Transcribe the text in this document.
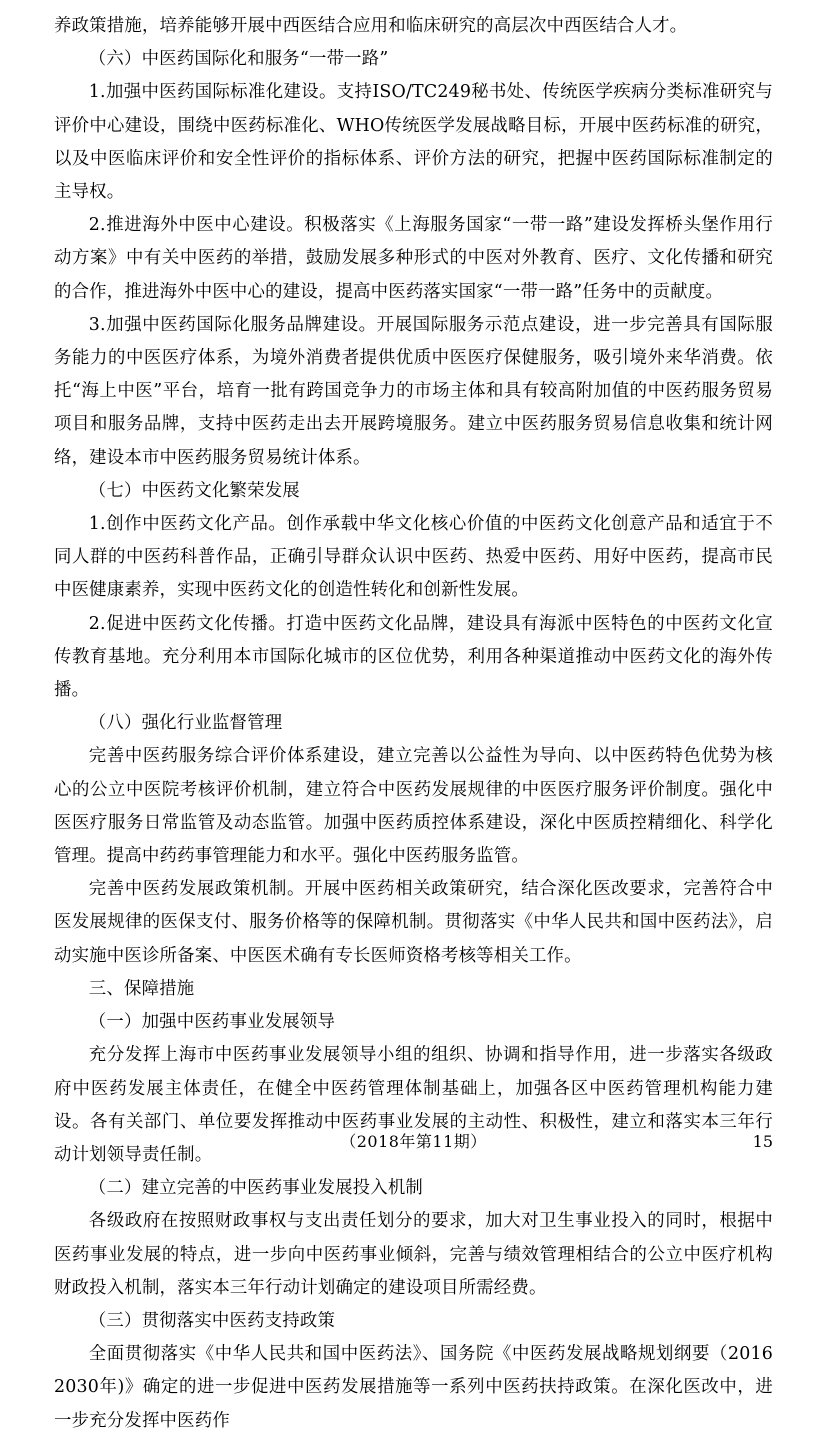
养政策措施，培养能够开展中西医结合应用和临床研究的高层次中西医结合人才。

（六）中医药国际化和服务“一带一路”

1.加强中医药国际标准化建设。支持ISO/TC249秘书处、传统医学疾病分类标准研究与评价中心建设，围绕中医药标准化、WHO传统医学发展战略目标，开展中医药标准的研究，以及中医临床评价和安全性评价的指标体系、评价方法的研究，把握中医药国际标准制定的主导权。

2.推进海外中医中心建设。积极落实《上海服务国家“一带一路”建设发挥桥头堡作用行动方案》中有关中医药的举措，鼓励发展多种形式的中医对外教育、医疗、文化传播和研究的合作，推进海外中医中心的建设，提高中医药落实国家“一带一路”任务中的贡献度。

3.加强中医药国际化服务品牌建设。开展国际服务示范点建设，进一步完善具有国际服务能力的中医医疗体系，为境外消费者提供优质中医医疗保健服务，吸引境外来华消费。依托“海上中医”平台，培育一批有跨国竞争力的市场主体和具有较高附加值的中医药服务贸易项目和服务品牌，支持中医药走出去开展跨境服务。建立中医药服务贸易信息收集和统计网络，建设本市中医药服务贸易统计体系。

（七）中医药文化繁荣发展

1.创作中医药文化产品。创作承载中华文化核心价值的中医药文化创意产品和适宜于不同人群的中医药科普作品，正确引导群众认识中医药、热爱中医药、用好中医药，提高市民中医健康素养，实现中医药文化的创造性转化和创新性发展。

2.促进中医药文化传播。打造中医药文化品牌，建设具有海派中医特色的中医药文化宣传教育基地。充分利用本市国际化城市的区位优势，利用各种渠道推动中医药文化的海外传播。

（八）强化行业监督管理

完善中医药服务综合评价体系建设，建立完善以公益性为导向、以中医药特色优势为核心的公立中医院考核评价机制，建立符合中医药发展规律的中医医疗服务评价制度。强化中医医疗服务日常监管及动态监管。加强中医药质控体系建设，深化中医质控精细化、科学化管理。提高中药药事管理能力和水平。强化中医药服务监管。

完善中医药发展政策机制。开展中医药相关政策研究，结合深化医改要求，完善符合中医发展规律的医保支付、服务价格等的保障机制。贯彻落实《中华人民共和国中医药法》，启动实施中医诊所备案、中医医术确有专长医师资格考核等相关工作。

三、保障措施

（一）加强中医药事业发展领导

充分发挥上海市中医药事业发展领导小组的组织、协调和指导作用，进一步落实各级政府中医药发展主体责任，在健全中医药管理体制基础上，加强各区中医药管理机构能力建设。各有关部门、单位要发挥推动中医药事业发展的主动性、积极性，建立和落实本三年行动计划领导责任制。

（二）建立完善的中医药事业发展投入机制

各级政府在按照财政事权与支出责任划分的要求，加大对卫生事业投入的同时，根据中医药事业发展的特点，进一步向中医药事业倾斜，完善与绩效管理相结合的公立中医疗机构财政投入机制，落实本三年行动计划确定的建设项目所需经费。

（三）贯彻落实中医药支持政策

全面贯彻落实《中华人民共和国中医药法》、国务院《中医药发展战略规划纲要（2016　2030年)》确定的进一步促进中医药发展措施等一系列中医药扶持政策。在深化医改中，进一步充分发挥中医药作

（2018年第11期）	15
